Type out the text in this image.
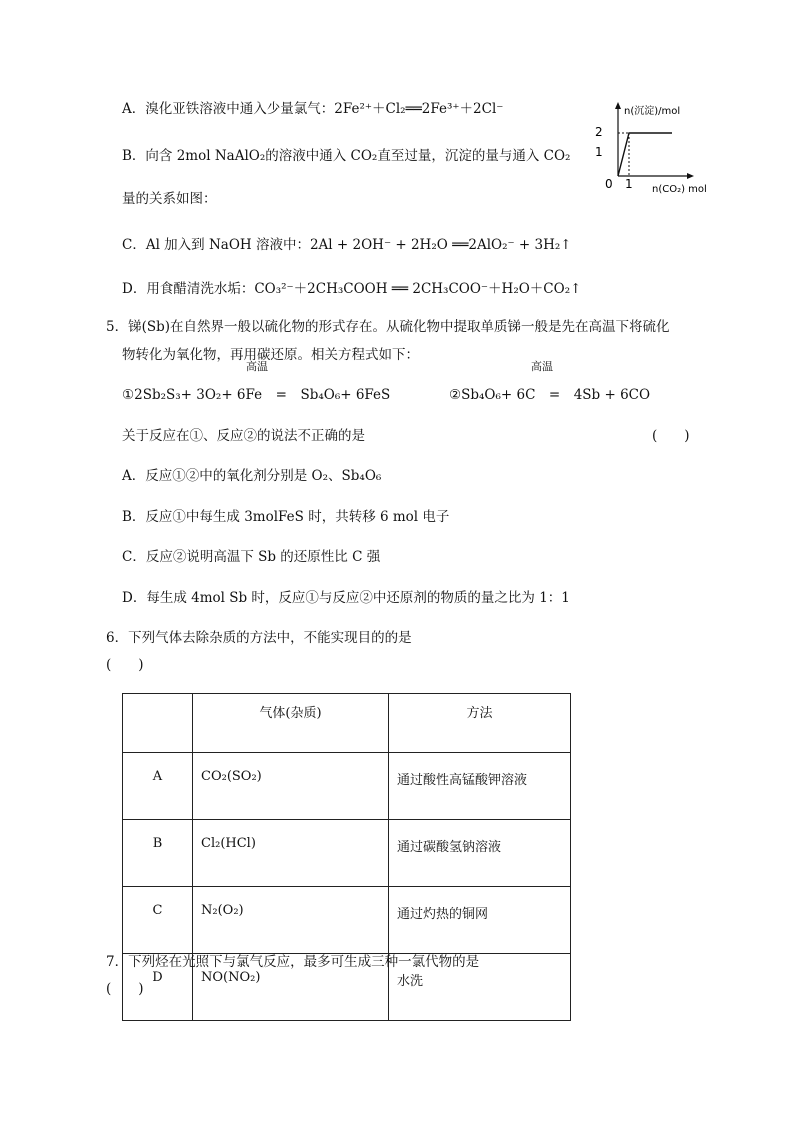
A．溴化亚铁溶液中通入少量氯气：2Fe²⁺＋Cl₂══2Fe³⁺＋2Cl⁻
B．向含 2mol NaAlO₂的溶液中通入 CO₂直至过量，沉淀的量与通入 CO₂
量的关系如图：
C．Al 加入到 NaOH 溶液中：2Al + 2OH⁻ + 2H₂O ══2AlO₂⁻ + 3H₂↑
D．用食醋清洗水垢：CO₃²⁻＋2CH₃COOH ══ 2CH₃COO⁻＋H₂O＋CO₂↑
n(沉淀)/mol
n(CO₂) mol
2
1
0 1
5．锑(Sb)在自然界一般以硫化物的形式存在。从硫化物中提取单质锑一般是先在高温下将硫化
物转化为氧化物，再用碳还原。相关方程式如下：
高温	高温
①2Sb₂S₃+ 3O₂+ 6Fe　=　Sb₄O₆+ 6FeS	②Sb₄O₆+ 6C　=　4Sb + 6CO
关于反应在①、反应②的说法不正确的是	(　　)
A．反应①②中的氧化剂分别是 O₂、Sb₄O₆
B．反应①中每生成 3molFeS 时，共转移 6 mol 电子
C．反应②说明高温下 Sb 的还原性比 C 强
D．每生成 4mol Sb 时，反应①与反应②中还原剂的物质的量之比为 1：1
6．下列气体去除杂质的方法中，不能实现目的的是
(　　)
	气体(杂质)	方法
A	CO₂(SO₂)	通过酸性高锰酸钾溶液
B	Cl₂(HCl)	通过碳酸氢钠溶液
C	N₂(O₂)	通过灼热的铜网
D	NO(NO₂)	水洗
7．下列烃在光照下与氯气反应，最多可生成三种一氯代物的是
(　　)
